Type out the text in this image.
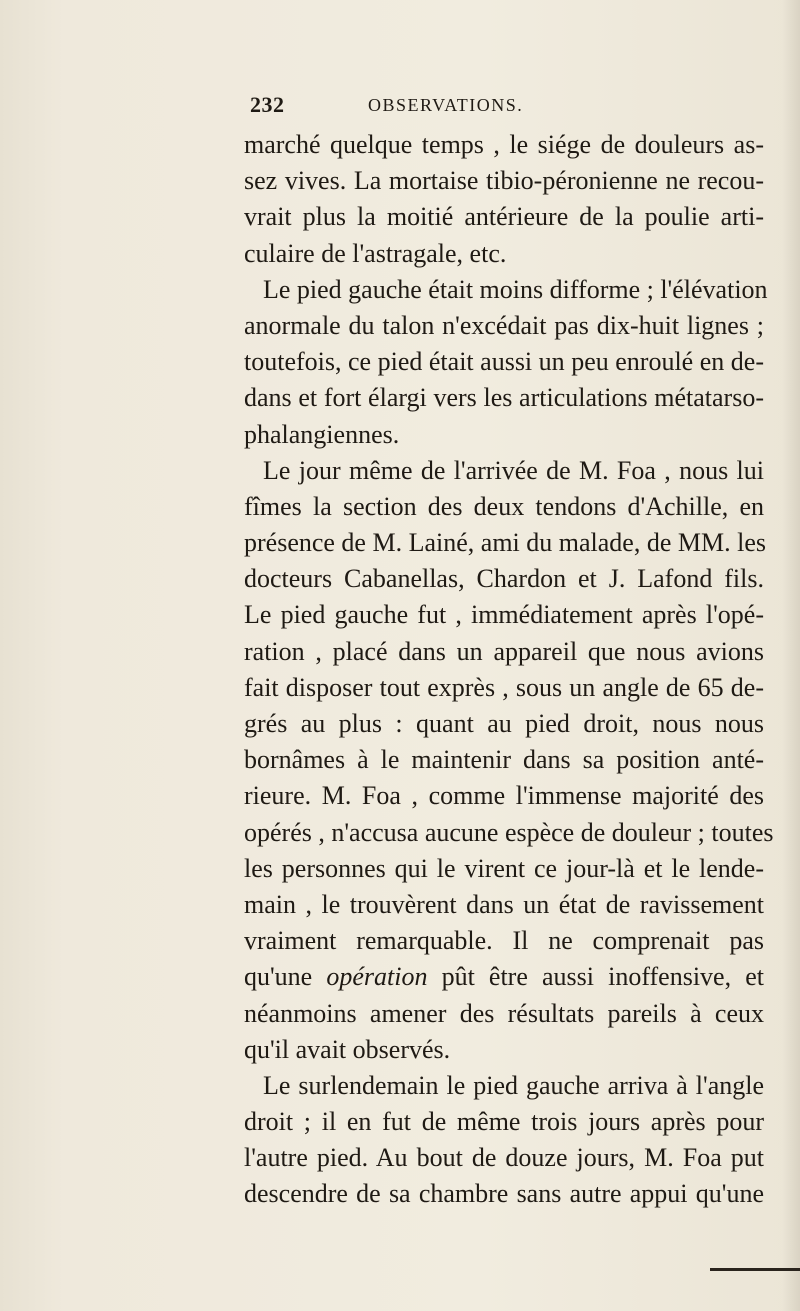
232	OBSERVATIONS.
marché quelque temps , le siége de douleurs as-
sez vives. La mortaise tibio-péronienne ne recou-
vrait plus la moitié antérieure de la poulie arti-
culaire de l'astragale, etc.
Le pied gauche était moins difforme ; l'élévation
anormale du talon n'excédait pas dix-huit lignes ;
toutefois, ce pied était aussi un peu enroulé en de-
dans et fort élargi vers les articulations métatarso-
phalangiennes.
Le jour même de l'arrivée de M. Foa , nous lui
fîmes la section des deux tendons d'Achille, en
présence de M. Lainé, ami du malade, de MM. les
docteurs Cabanellas, Chardon et J. Lafond fils.
Le pied gauche fut , immédiatement après l'opé-
ration , placé dans un appareil que nous avions
fait disposer tout exprès , sous un angle de 65 de-
grés au plus : quant au pied droit, nous nous
bornâmes à le maintenir dans sa position anté-
rieure. M. Foa , comme l'immense majorité des
opérés , n'accusa aucune espèce de douleur ; toutes
les personnes qui le virent ce jour-là et le lende-
main , le trouvèrent dans un état de ravissement
vraiment remarquable. Il ne comprenait pas
qu'une opération pût être aussi inoffensive, et
néanmoins amener des résultats pareils à ceux
qu'il avait observés.
Le surlendemain le pied gauche arriva à l'angle
droit ; il en fut de même trois jours après pour
l'autre pied. Au bout de douze jours, M. Foa put
descendre de sa chambre sans autre appui qu'une
